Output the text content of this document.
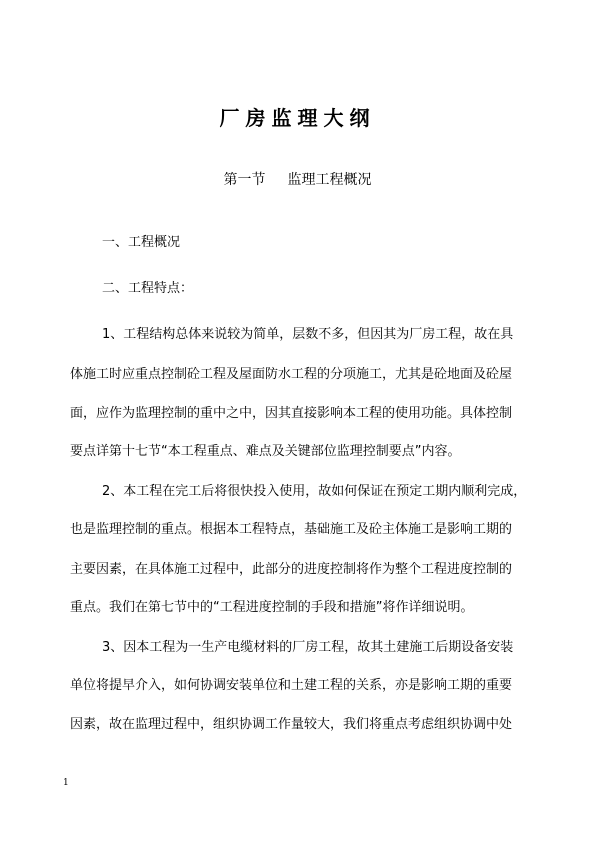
厂房监理大纲
第一节 监理工程概况
一、工程概况
二、工程特点：
1、工程结构总体来说较为简单，层数不多，但因其为厂房工程，故在具
体施工时应重点控制砼工程及屋面防水工程的分项施工，尤其是砼地面及砼屋
面，应作为监理控制的重中之中，因其直接影响本工程的使用功能。具体控制
要点详第十七节“本工程重点、难点及关键部位监理控制要点”内容。
2、本工程在完工后将很快投入使用，故如何保证在预定工期内顺利完成，
也是监理控制的重点。根据本工程特点，基础施工及砼主体施工是影响工期的
主要因素，在具体施工过程中，此部分的进度控制将作为整个工程进度控制的
重点。我们在第七节中的“工程进度控制的手段和措施”将作详细说明。
3、因本工程为一生产电缆材料的厂房工程，故其土建施工后期设备安装
单位将提早介入，如何协调安装单位和土建工程的关系，亦是影响工期的重要
因素，故在监理过程中，组织协调工作量较大，我们将重点考虑组织协调中处
1
